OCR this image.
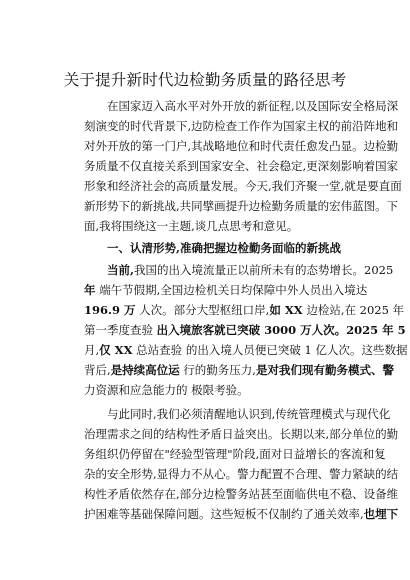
关于提升新时代边检勤务质量的路径思考
在国家迈入高水平对外开放的新征程,以及国际安全格局深
刻演变的时代背景下,边防检查工作作为国家主权的前沿阵地和
对外开放的第一门户,其战略地位和时代责任愈发凸显。边检勤
务质量不仅直接关系到国家安全、社会稳定,更深刻影响着国家
形象和经济社会的高质量发展。今天,我们齐聚一堂,就是要直面
新形势下的新挑战,共同擘画提升边检勤务质量的宏伟蓝图。下
面,我将围绕这一主题,谈几点思考和意见。
一、认清形势,准确把握边检勤务面临的新挑战
当前,我国的出入境流量正以前所未有的态势增长。2025
年 端午节假期,全国边检机关日均保障中外人员出入境达
196.9 万 人次。部分大型枢纽口岸,如 XX 边检站,在 2025 年
第一季度查验 出入境旅客就已突破 3000 万人次。2025 年 5
月,仅 XX 总站查验 的出入境人员便已突破 1 亿人次。这些数据
背后,是持续高位运 行的勤务压力,是对我们现有勤务模式、警
力资源和应急能力的 极限考验。
与此同时,我们必须清醒地认识到,传统管理模式与现代化
治理需求之间的结构性矛盾日益突出。长期以来,部分单位的勤
务组织仍停留在"经验型管理"阶段,面对日益增长的客流和复
杂的安全形势,显得力不从心。警力配置不合理、警力紧缺的结
构性矛盾依然存在,部分边检警务站甚至面临供电不稳、设备维
护困难等基础保障问题。这些短板不仅制约了通关效率,也埋下
